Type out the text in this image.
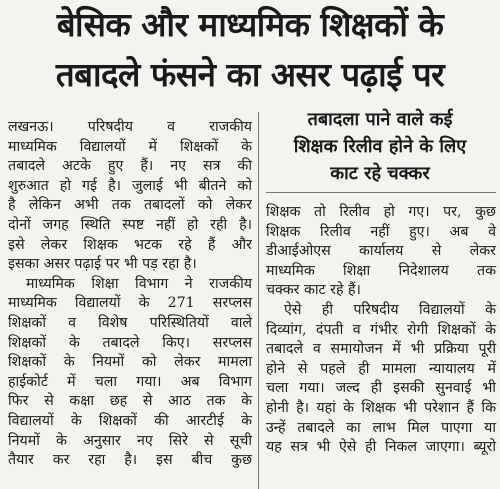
बेसिक और माध्यमिक शिक्षकों के
तबादले फंसने का असर पढ़ाई पर
लखनऊ। परिषदीय व राजकीय
माध्यमिक विद्यालयों में शिक्षकों के
तबादले अटके हुए हैं। नए सत्र की
शुरुआत हो गई है। जुलाई भी बीतने को
है लेकिन अभी तक तबादलों को लेकर
दोनों जगह स्थिति स्पष्ट नहीं हो रही है।
इसे लेकर शिक्षक भटक रहे हैं और
इसका असर पढ़ाई पर भी पड़ रहा है।
माध्यमिक शिक्षा विभाग ने राजकीय
माध्यमिक विद्यालयों के 271 सरप्लस
शिक्षकों व विशेष परिस्थितियों वाले
शिक्षकों के तबादले किए। सरप्लस
शिक्षकों के नियमों को लेकर मामला
हाईकोर्ट में चला गया। अब विभाग
फिर से कक्षा छह से आठ तक के
विद्यालयों के शिक्षकों की आरटीई के
नियमों के अनुसार नए सिरे से सूची
तैयार कर रहा है। इस बीच कुछ
तबादला पाने वाले कई
शिक्षक रिलीव होने के लिए
काट रहे चक्कर
शिक्षक तो रिलीव हो गए। पर, कुछ
शिक्षक रिलीव नहीं हुए। अब वे
डीआईओएस कार्यालय से लेकर
माध्यमिक शिक्षा निदेशालय तक
चक्कर काट रहे हैं।
ऐसे ही परिषदीय विद्यालयों के
दिव्यांग, दंपती व गंभीर रोगी शिक्षकों के
तबादले व समायोजन में भी प्रक्रिया पूरी
होने से पहले ही मामला न्यायालय में
चला गया। जल्द ही इसकी सुनवाई भी
होनी है। यहां के शिक्षक भी परेशान हैं कि
उन्हें तबादले का लाभ मिल पाएगा या
यह सत्र भी ऐसे ही निकल जाएगा। ब्यूरो
